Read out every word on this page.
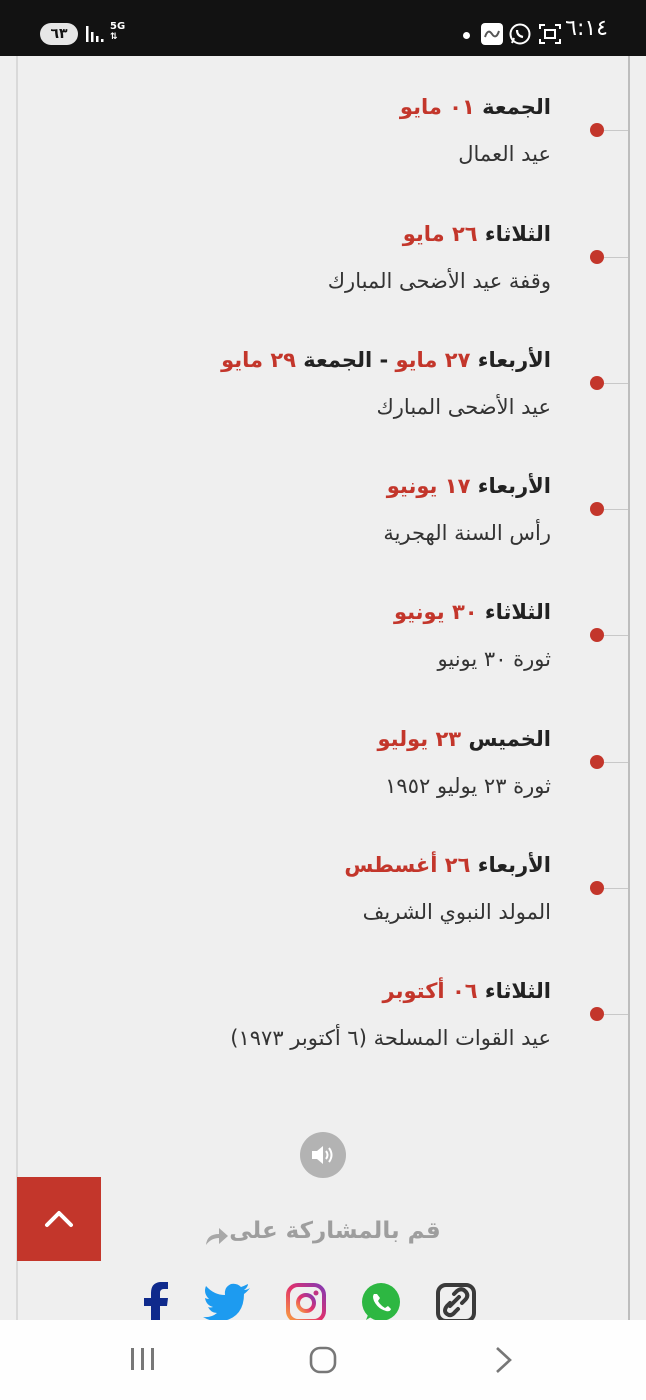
٦٣	5G
⇅	٦:١٤
الجمعة ٠١ مايو
عيد العمال
الثلاثاء ٢٦ مايو
وقفة عيد الأضحى المبارك
الأربعاء ٢٧ مايو - الجمعة ٢٩ مايو
عيد الأضحى المبارك
الأربعاء ١٧ يونيو
رأس السنة الهجرية
الثلاثاء ٣٠ يونيو
ثورة ٣٠ يونيو
الخميس ٢٣ يوليو
ثورة ٢٣ يوليو ١٩٥٢
الأربعاء ٢٦ أغسطس
المولد النبوي الشريف
الثلاثاء ٠٦ أكتوبر
عيد القوات المسلحة (٦ أكتوبر ١٩٧٣)
قم بالمشاركة على
